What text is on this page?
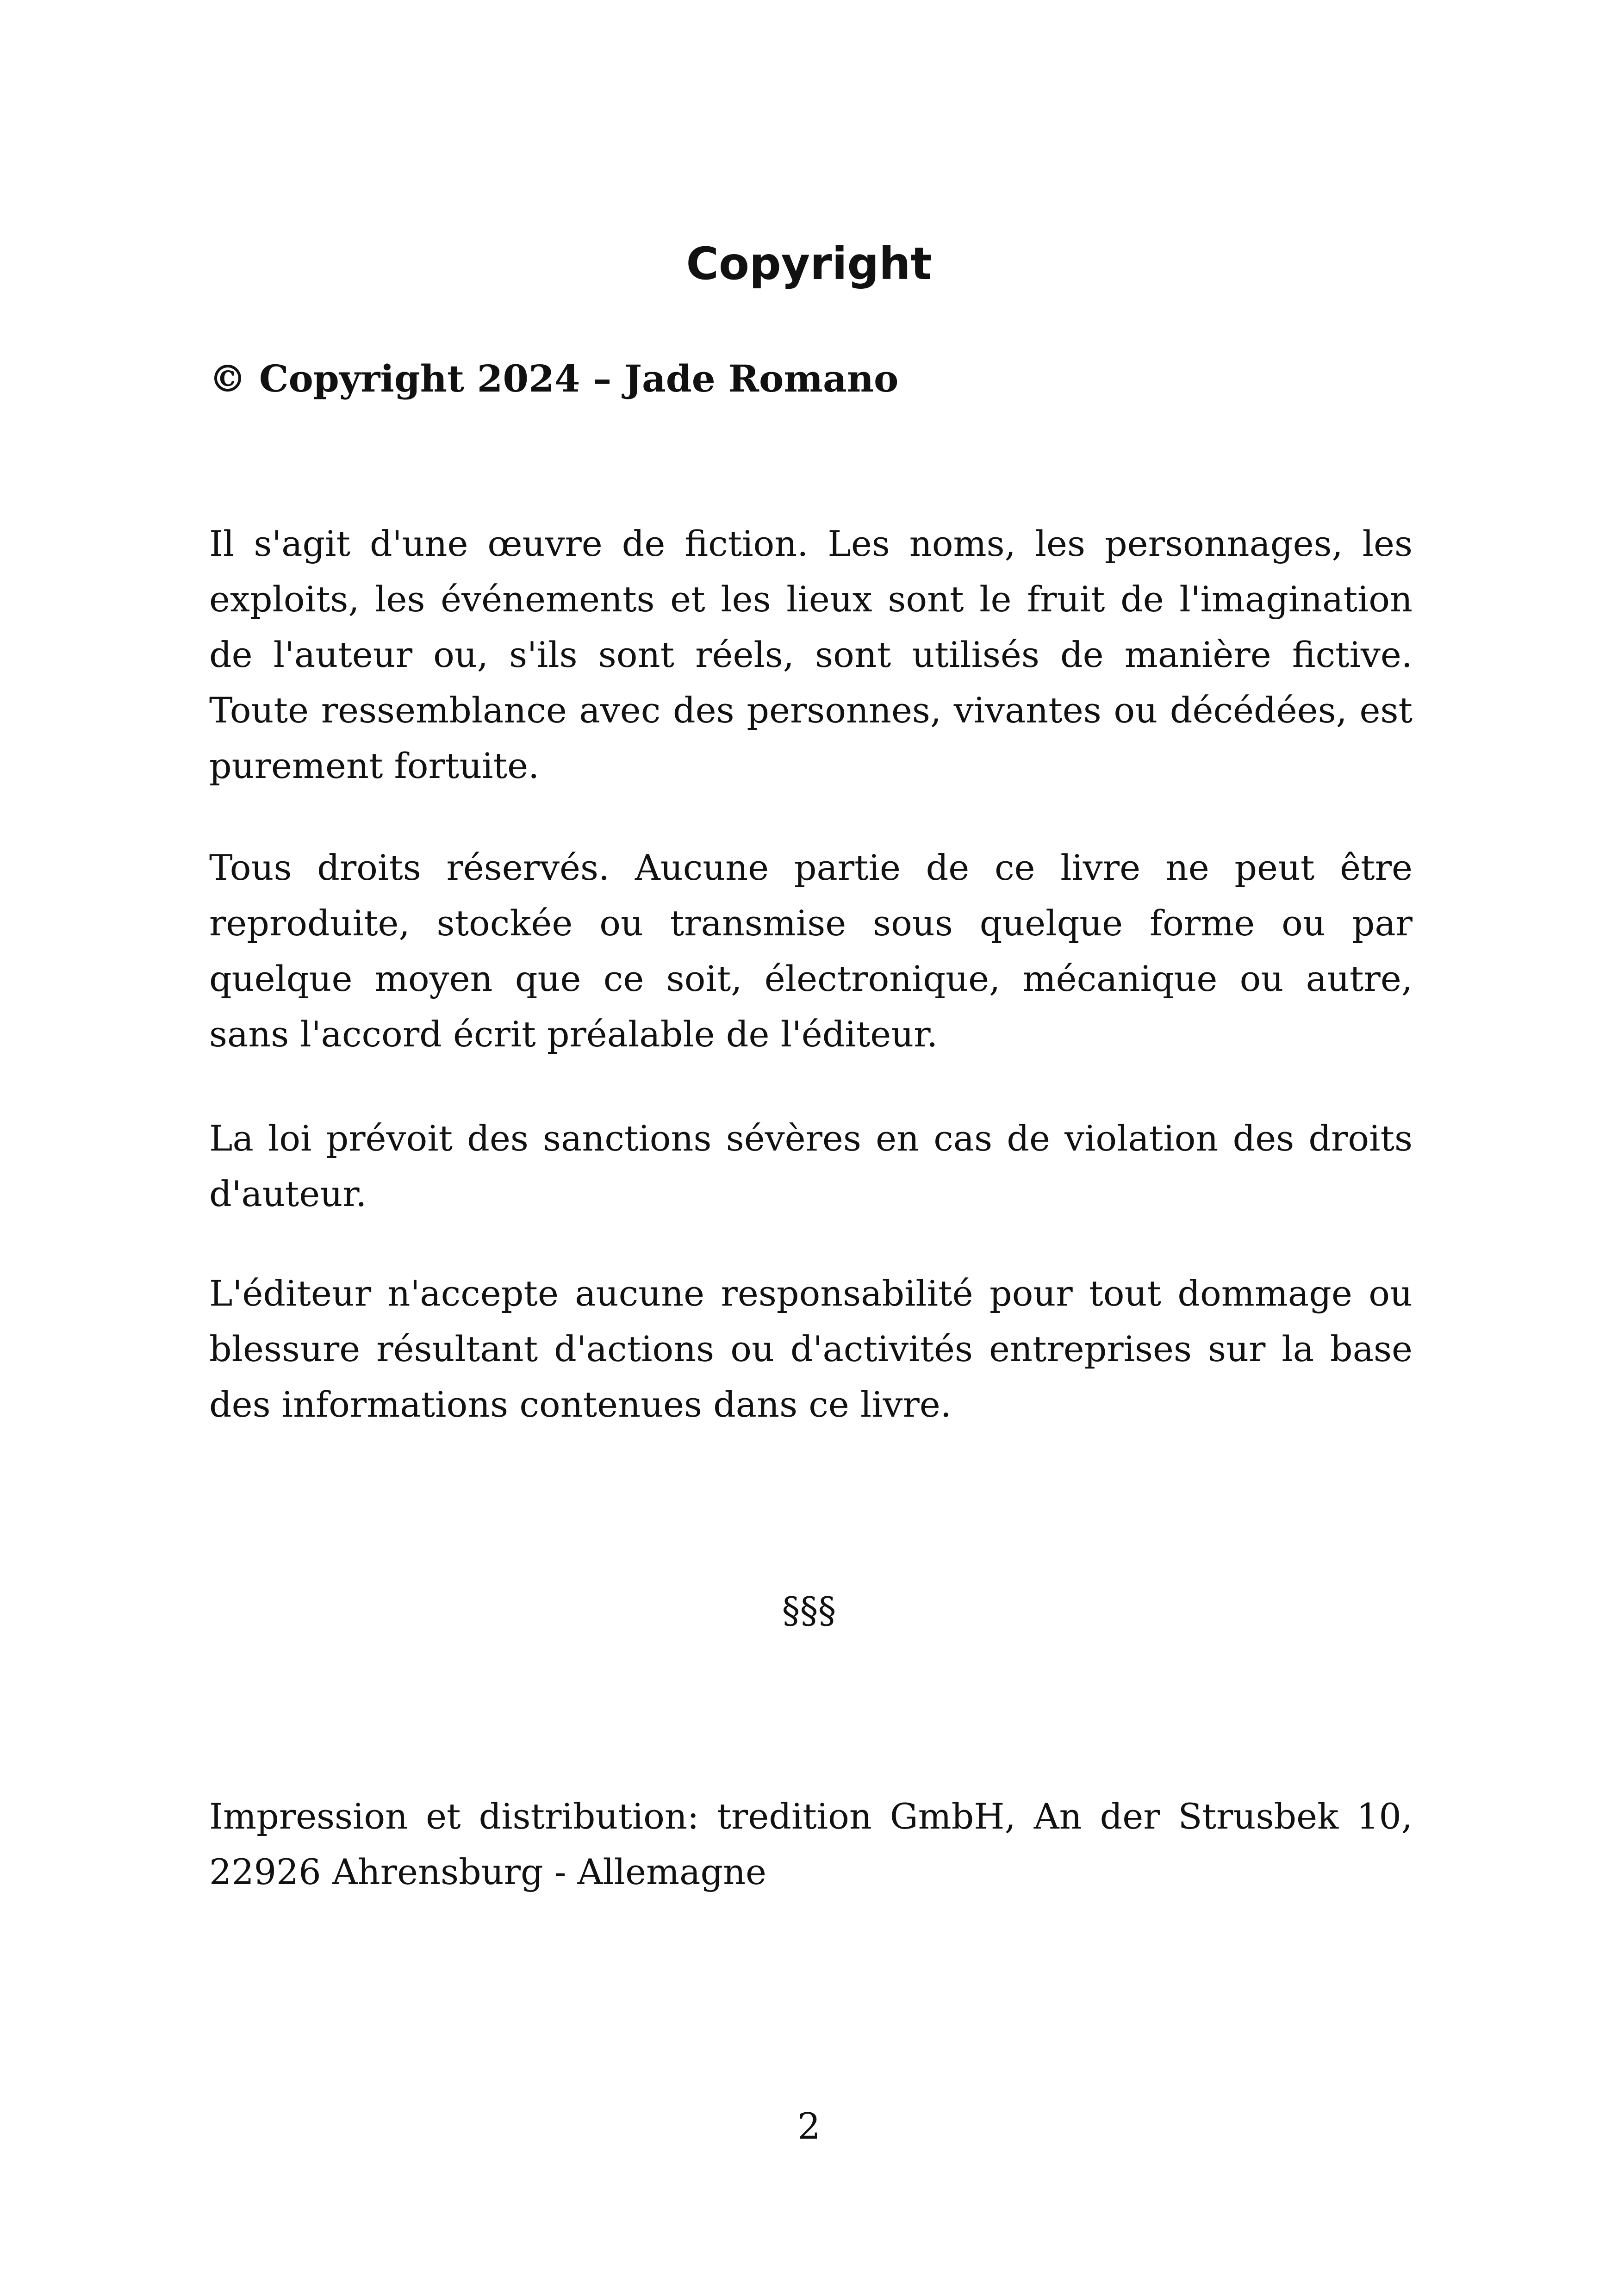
Copyright

© Copyright 2024 – Jade Romano

Il s'agit d'une œuvre de fiction. Les noms, les personnages, les exploits, les événements et les lieux sont le fruit de l'imagination de l'auteur ou, s'ils sont réels, sont utilisés de manière fictive. Toute ressemblance avec des personnes, vivantes ou décédées, est purement fortuite.

Tous droits réservés. Aucune partie de ce livre ne peut être reproduite, stockée ou transmise sous quelque forme ou par quelque moyen que ce soit, électronique, mécanique ou autre, sans l'accord écrit préalable de l'éditeur.

La loi prévoit des sanctions sévères en cas de violation des droits d'auteur.

L'éditeur n'accepte aucune responsabilité pour tout dommage ou blessure résultant d'actions ou d'activités entreprises sur la base des informations contenues dans ce livre.

§§§

Impression et distribution: tredition GmbH, An der Strusbek 10, 22926 Ahrensburg - Allemagne

2
